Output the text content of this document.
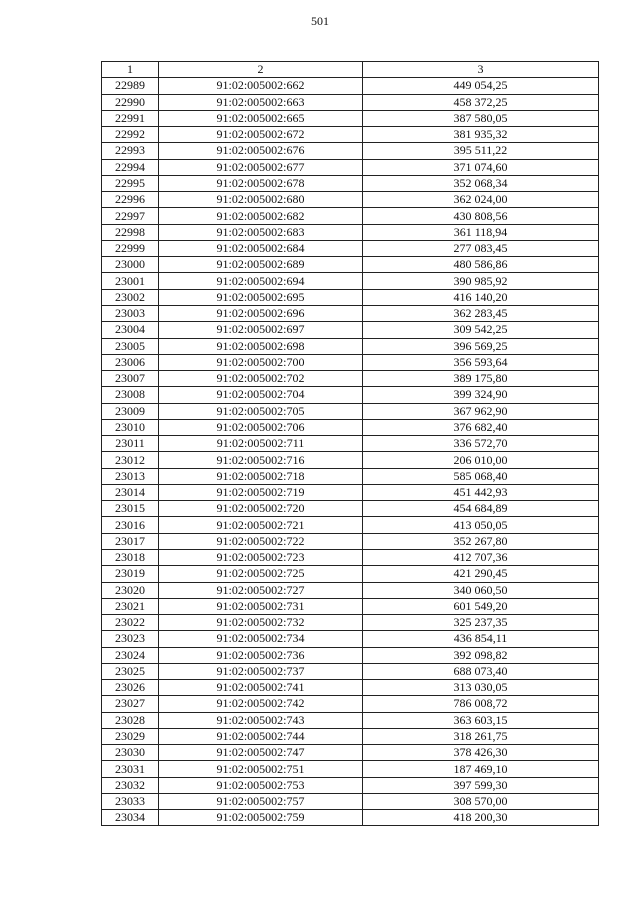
501
1	2	3
22989	91:02:005002:662	449 054,25
22990	91:02:005002:663	458 372,25
22991	91:02:005002:665	387 580,05
22992	91:02:005002:672	381 935,32
22993	91:02:005002:676	395 511,22
22994	91:02:005002:677	371 074,60
22995	91:02:005002:678	352 068,34
22996	91:02:005002:680	362 024,00
22997	91:02:005002:682	430 808,56
22998	91:02:005002:683	361 118,94
22999	91:02:005002:684	277 083,45
23000	91:02:005002:689	480 586,86
23001	91:02:005002:694	390 985,92
23002	91:02:005002:695	416 140,20
23003	91:02:005002:696	362 283,45
23004	91:02:005002:697	309 542,25
23005	91:02:005002:698	396 569,25
23006	91:02:005002:700	356 593,64
23007	91:02:005002:702	389 175,80
23008	91:02:005002:704	399 324,90
23009	91:02:005002:705	367 962,90
23010	91:02:005002:706	376 682,40
23011	91:02:005002:711	336 572,70
23012	91:02:005002:716	206 010,00
23013	91:02:005002:718	585 068,40
23014	91:02:005002:719	451 442,93
23015	91:02:005002:720	454 684,89
23016	91:02:005002:721	413 050,05
23017	91:02:005002:722	352 267,80
23018	91:02:005002:723	412 707,36
23019	91:02:005002:725	421 290,45
23020	91:02:005002:727	340 060,50
23021	91:02:005002:731	601 549,20
23022	91:02:005002:732	325 237,35
23023	91:02:005002:734	436 854,11
23024	91:02:005002:736	392 098,82
23025	91:02:005002:737	688 073,40
23026	91:02:005002:741	313 030,05
23027	91:02:005002:742	786 008,72
23028	91:02:005002:743	363 603,15
23029	91:02:005002:744	318 261,75
23030	91:02:005002:747	378 426,30
23031	91:02:005002:751	187 469,10
23032	91:02:005002:753	397 599,30
23033	91:02:005002:757	308 570,00
23034	91:02:005002:759	418 200,30
